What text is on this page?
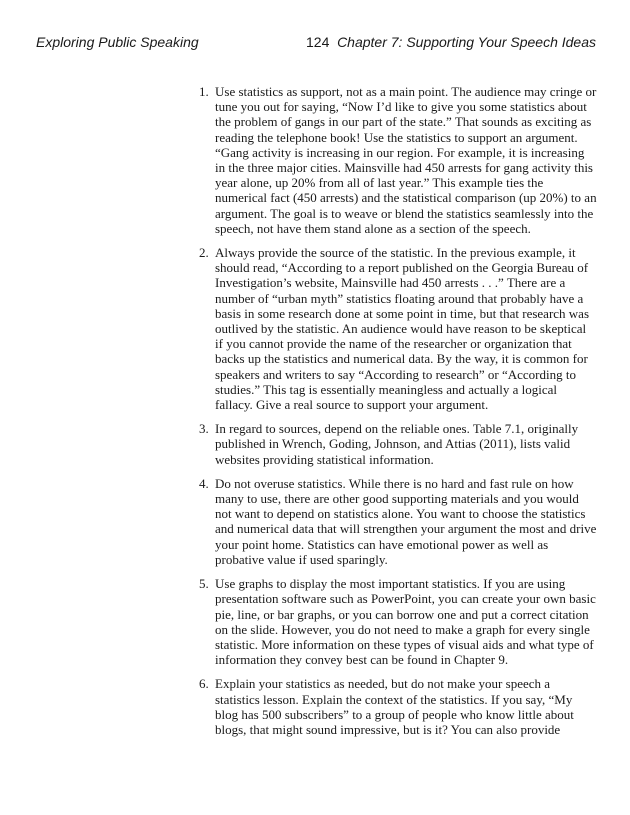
Exploring Public Speaking	124 Chapter 7: Supporting Your Speech Ideas
1. Use statistics as support, not as a main point. The audience may cringe or tune you out for saying, “Now I’d like to give you some statistics about the problem of gangs in our part of the state.” That sounds as exciting as reading the telephone book! Use the statistics to support an argument. “Gang activity is increasing in our region. For example, it is increasing in the three major cities. Mainsville had 450 arrests for gang activity this year alone, up 20% from all of last year.” This example ties the numerical fact (450 arrests) and the statistical comparison (up 20%) to an argument. The goal is to weave or blend the statistics seamlessly into the speech, not have them stand alone as a section of the speech.
2. Always provide the source of the statistic. In the previous example, it should read, “According to a report published on the Georgia Bureau of Investigation’s website, Mainsville had 450 arrests . . .” There are a number of “urban myth” statistics floating around that probably have a basis in some research done at some point in time, but that research was outlived by the statistic. An audience would have reason to be skeptical if you cannot provide the name of the researcher or organization that backs up the statistics and numerical data. By the way, it is common for speakers and writers to say “According to research” or “According to studies.” This tag is essentially meaningless and actually a logical fallacy. Give a real source to support your argument.
3. In regard to sources, depend on the reliable ones. Table 7.1, originally published in Wrench, Goding, Johnson, and Attias (2011), lists valid websites providing statistical information.
4. Do not overuse statistics. While there is no hard and fast rule on how many to use, there are other good supporting materials and you would not want to depend on statistics alone. You want to choose the statistics and numerical data that will strengthen your argument the most and drive your point home. Statistics can have emotional power as well as probative value if used sparingly.
5. Use graphs to display the most important statistics. If you are using presentation software such as PowerPoint, you can create your own basic pie, line, or bar graphs, or you can borrow one and put a correct citation on the slide. However, you do not need to make a graph for every single statistic. More information on these types of visual aids and what type of information they convey best can be found in Chapter 9.
6. Explain your statistics as needed, but do not make your speech a statistics lesson. Explain the context of the statistics. If you say, “My blog has 500 subscribers” to a group of people who know little about blogs, that might sound impressive, but is it? You can also provide
